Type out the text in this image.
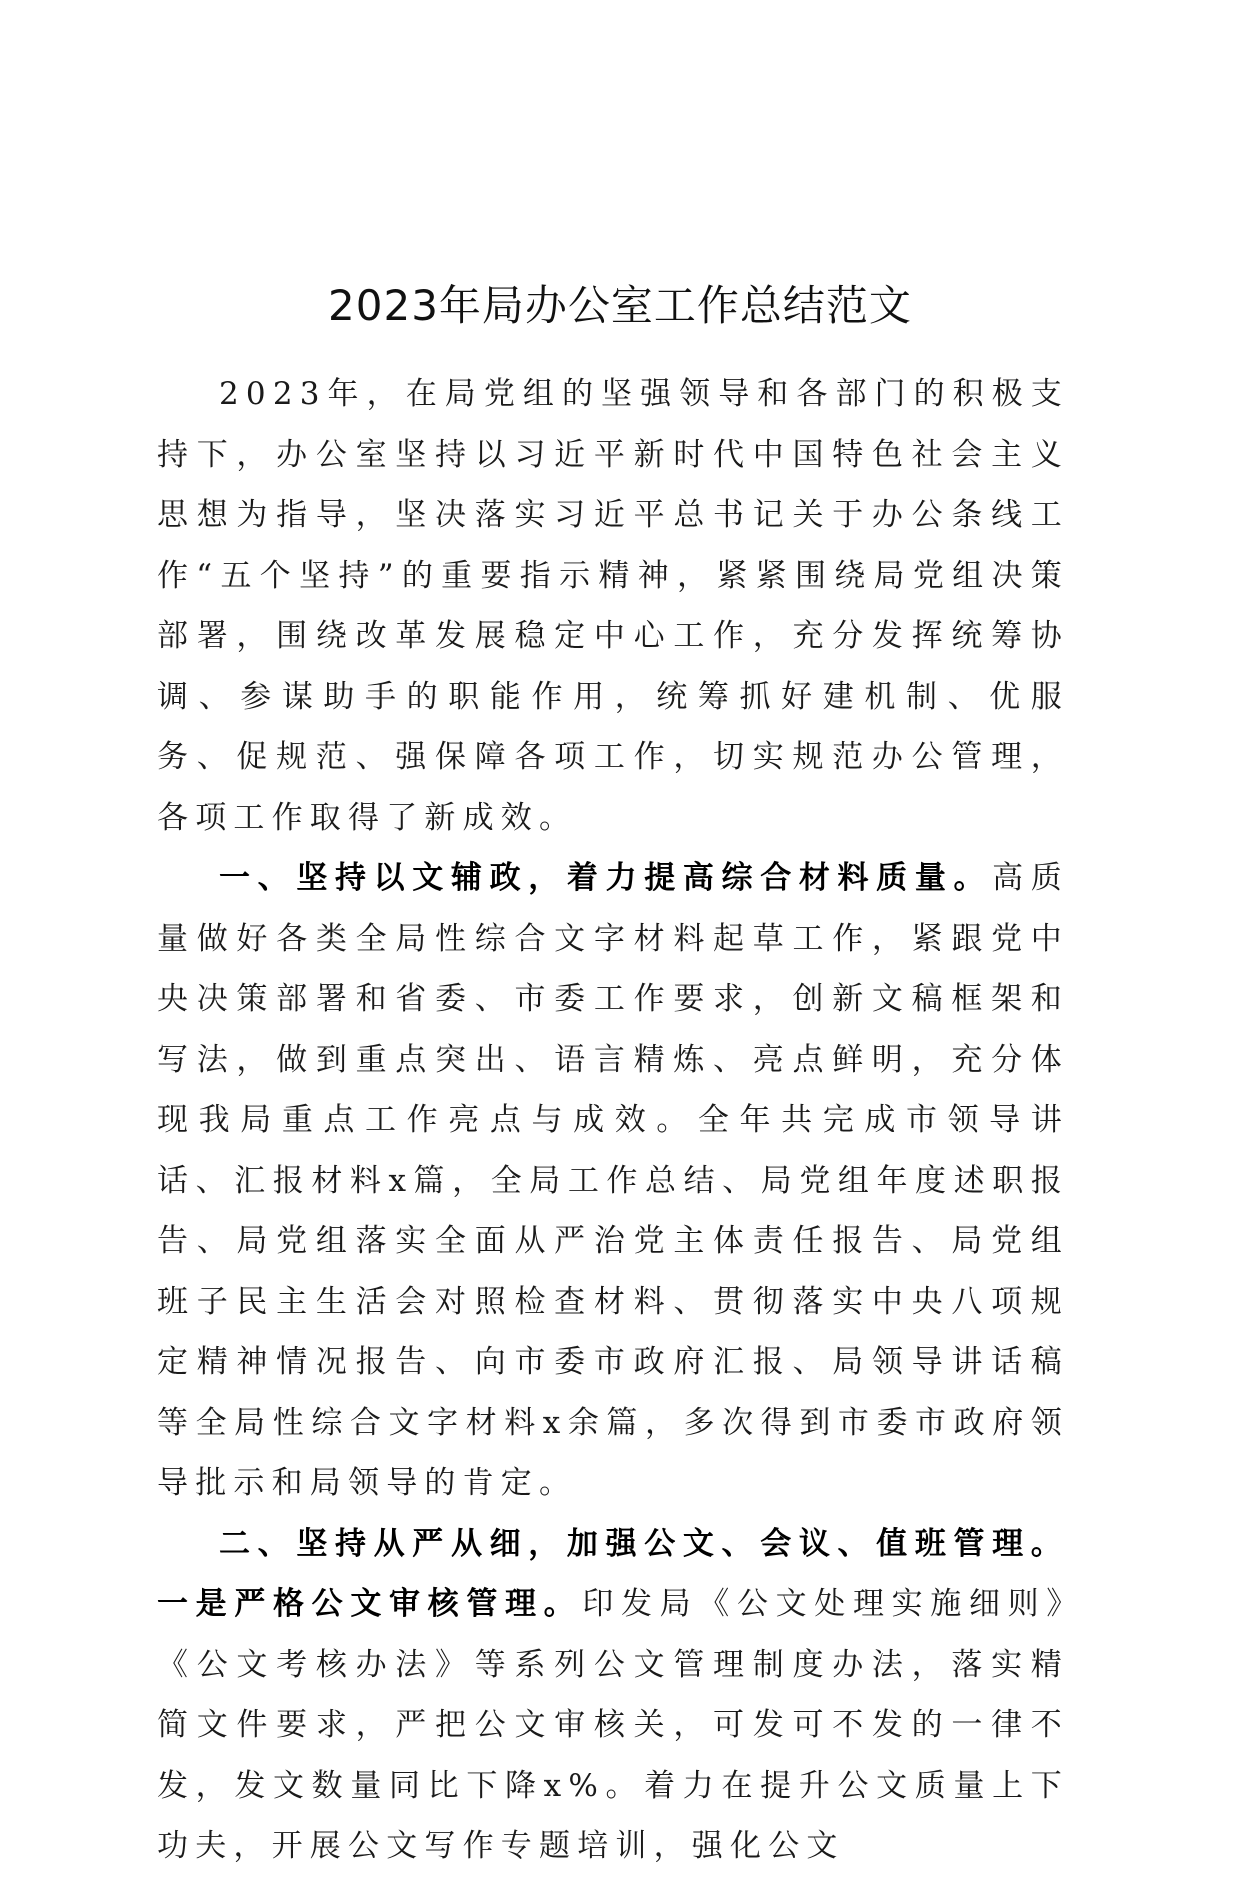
2023年局办公室工作总结范文

2023年，在局党组的坚强领导和各部门的积极支持下，办公室坚持以习近平新时代中国特色社会主义思想为指导，坚决落实习近平总书记关于办公条线工作“五个坚持”的重要指示精神，紧紧围绕局党组决策部署，围绕改革发展稳定中心工作，充分发挥统筹协调、参谋助手的职能作用，统筹抓好建机制、优服务、促规范、强保障各项工作，切实规范办公管理，各项工作取得了新成效。

一、坚持以文辅政，着力提高综合材料质量。高质量做好各类全局性综合文字材料起草工作，紧跟党中央决策部署和省委、市委工作要求，创新文稿框架和写法，做到重点突出、语言精炼、亮点鲜明，充分体现我局重点工作亮点与成效。全年共完成市领导讲话、汇报材料x篇，全局工作总结、局党组年度述职报告、局党组落实全面从严治党主体责任报告、局党组班子民主生活会对照检查材料、贯彻落实中央八项规定精神情况报告、向市委市政府汇报、局领导讲话稿等全局性综合文字材料x余篇，多次得到市委市政府领导批示和局领导的肯定。

二、坚持从严从细，加强公文、会议、值班管理。一是严格公文审核管理。印发局《公文处理实施细则》《公文考核办法》等系列公文管理制度办法，落实精简文件要求，严把公文审核关，可发可不发的一律不发，发文数量同比下降x%。着力在提升公文质量上下功夫，开展公文写作专题培训，强化公文
